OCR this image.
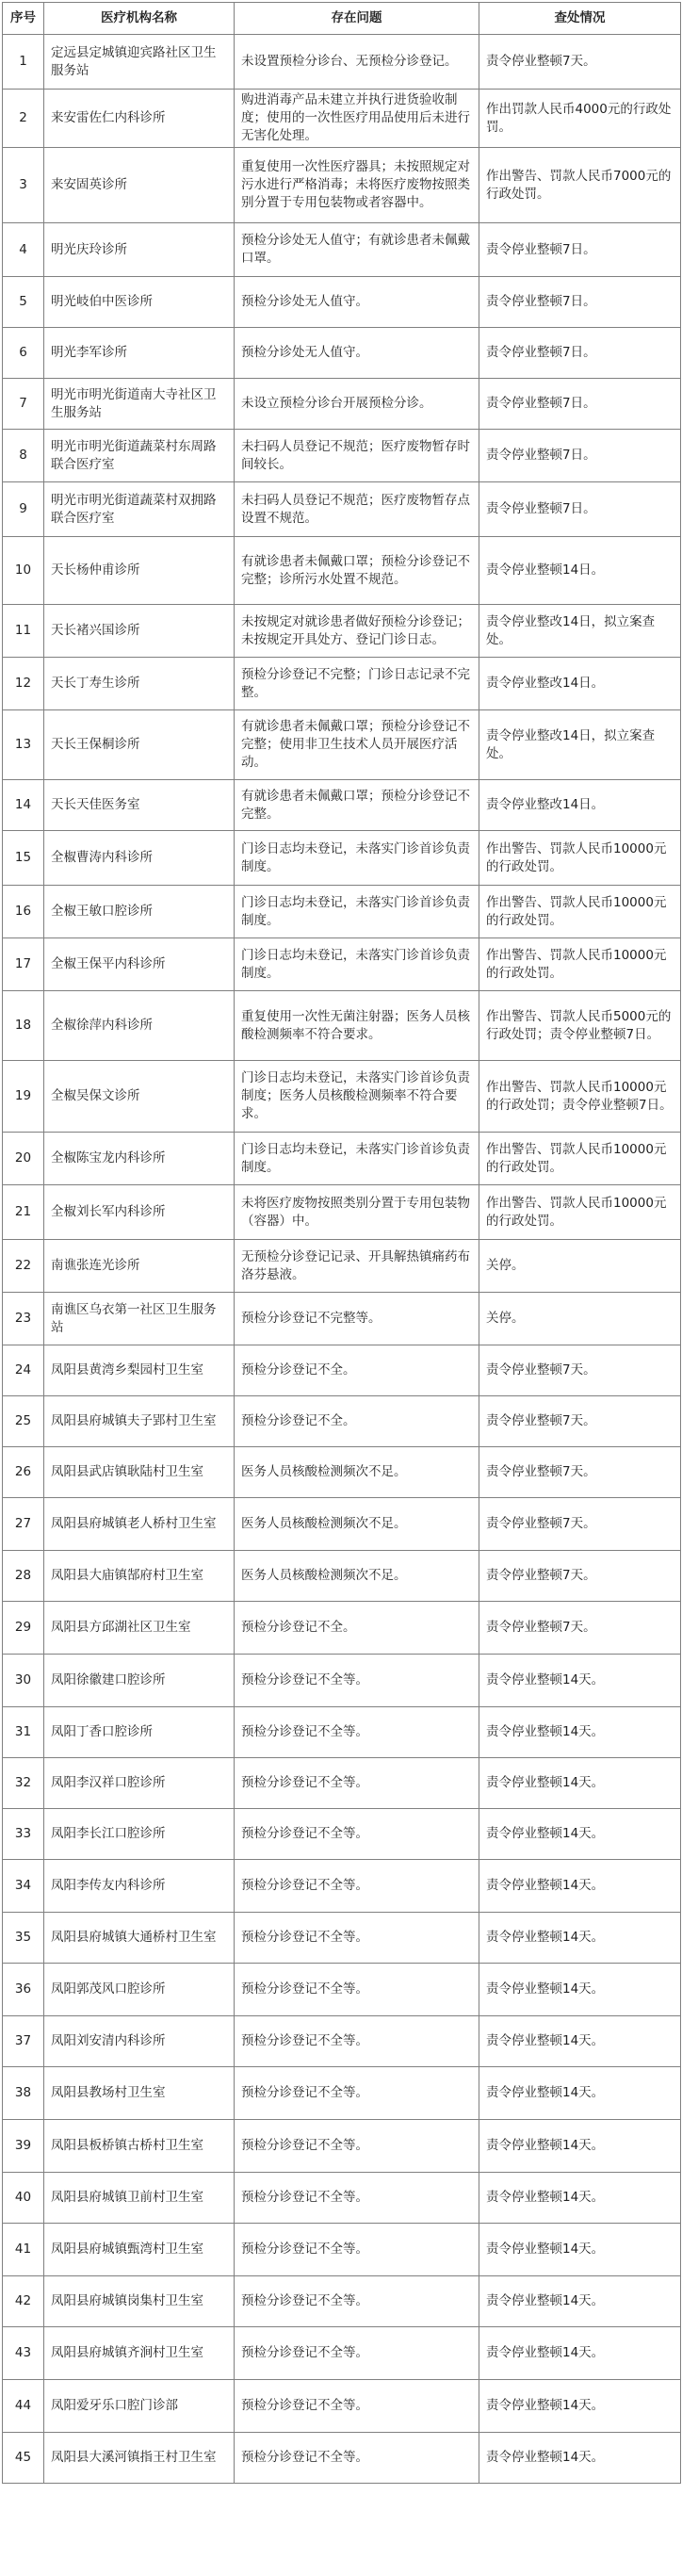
序号	医疗机构名称	存在问题	查处情况
1	定远县定城镇迎宾路社区卫生服务站	未设置预检分诊台、无预检分诊登记。	责令停业整顿7天。
2	来安雷佐仁内科诊所	购进消毒产品未建立并执行进货验收制度；使用的一次性医疗用品使用后未进行无害化处理。	作出罚款人民币4000元的行政处罚。
3	来安固英诊所	重复使用一次性医疗器具；未按照规定对污水进行严格消毒；未将医疗废物按照类别分置于专用包装物或者容器中。	作出警告、罚款人民币7000元的行政处罚。
4	明光庆玲诊所	预检分诊处无人值守；有就诊患者未佩戴口罩。	责令停业整顿7日。
5	明光岐伯中医诊所	预检分诊处无人值守。	责令停业整顿7日。
6	明光李军诊所	预检分诊处无人值守。	责令停业整顿7日。
7	明光市明光街道南大寺社区卫生服务站	未设立预检分诊台开展预检分诊。	责令停业整顿7日。
8	明光市明光街道蔬菜村东周路联合医疗室	未扫码人员登记不规范；医疗废物暂存时间较长。	责令停业整顿7日。
9	明光市明光街道蔬菜村双拥路联合医疗室	未扫码人员登记不规范；医疗废物暂存点设置不规范。	责令停业整顿7日。
10	天长杨仲甫诊所	有就诊患者未佩戴口罩；预检分诊登记不完整；诊所污水处置不规范。	责令停业整顿14日。
11	天长褚兴国诊所	未按规定对就诊患者做好预检分诊登记；未按规定开具处方、登记门诊日志。	责令停业整改14日，拟立案查处。
12	天长丁寿生诊所	预检分诊登记不完整；门诊日志记录不完整。	责令停业整改14日。
13	天长王保桐诊所	有就诊患者未佩戴口罩；预检分诊登记不完整；使用非卫生技术人员开展医疗活动。	责令停业整改14日，拟立案查处。
14	天长天佳医务室	有就诊患者未佩戴口罩；预检分诊登记不完整。	责令停业整改14日。
15	全椒曹涛内科诊所	门诊日志均未登记，未落实门诊首诊负责制度。	作出警告、罚款人民币10000元的行政处罚。
16	全椒王敏口腔诊所	门诊日志均未登记，未落实门诊首诊负责制度。	作出警告、罚款人民币10000元的行政处罚。
17	全椒王保平内科诊所	门诊日志均未登记，未落实门诊首诊负责制度。	作出警告、罚款人民币10000元的行政处罚。
18	全椒徐萍内科诊所	重复使用一次性无菌注射器；医务人员核酸检测频率不符合要求。	作出警告、罚款人民币5000元的行政处罚；责令停业整顿7日。
19	全椒吴保文诊所	门诊日志均未登记，未落实门诊首诊负责制度；医务人员核酸检测频率不符合要求。	作出警告、罚款人民币10000元的行政处罚；责令停业整顿7日。
20	全椒陈宝龙内科诊所	门诊日志均未登记，未落实门诊首诊负责制度。	作出警告、罚款人民币10000元的行政处罚。
21	全椒刘长军内科诊所	未将医疗废物按照类别分置于专用包装物（容器）中。	作出警告、罚款人民币10000元的行政处罚。
22	南谯张连光诊所	无预检分诊登记记录、开具解热镇痛药布洛芬悬液。	关停。
23	南谯区乌衣第一社区卫生服务站	预检分诊登记不完整等。	关停。
24	凤阳县黄湾乡梨园村卫生室	预检分诊登记不全。	责令停业整顿7天。
25	凤阳县府城镇夫子郢村卫生室	预检分诊登记不全。	责令停业整顿7天。
26	凤阳县武店镇耿陆村卫生室	医务人员核酸检测频次不足。	责令停业整顿7天。
27	凤阳县府城镇老人桥村卫生室	医务人员核酸检测频次不足。	责令停业整顿7天。
28	凤阳县大庙镇郜府村卫生室	医务人员核酸检测频次不足。	责令停业整顿7天。
29	凤阳县方邱湖社区卫生室	预检分诊登记不全。	责令停业整顿7天。
30	凤阳徐徽建口腔诊所	预检分诊登记不全等。	责令停业整顿14天。
31	凤阳丁香口腔诊所	预检分诊登记不全等。	责令停业整顿14天。
32	凤阳李汉祥口腔诊所	预检分诊登记不全等。	责令停业整顿14天。
33	凤阳李长江口腔诊所	预检分诊登记不全等。	责令停业整顿14天。
34	凤阳李传友内科诊所	预检分诊登记不全等。	责令停业整顿14天。
35	凤阳县府城镇大通桥村卫生室	预检分诊登记不全等。	责令停业整顿14天。
36	凤阳郭茂风口腔诊所	预检分诊登记不全等。	责令停业整顿14天。
37	凤阳刘安清内科诊所	预检分诊登记不全等。	责令停业整顿14天。
38	凤阳县教场村卫生室	预检分诊登记不全等。	责令停业整顿14天。
39	凤阳县板桥镇古桥村卫生室	预检分诊登记不全等。	责令停业整顿14天。
40	凤阳县府城镇卫前村卫生室	预检分诊登记不全等。	责令停业整顿14天。
41	凤阳县府城镇甄湾村卫生室	预检分诊登记不全等。	责令停业整顿14天。
42	凤阳县府城镇岗集村卫生室	预检分诊登记不全等。	责令停业整顿14天。
43	凤阳县府城镇齐涧村卫生室	预检分诊登记不全等。	责令停业整顿14天。
44	凤阳爱牙乐口腔门诊部	预检分诊登记不全等。	责令停业整顿14天。
45	凤阳县大溪河镇指王村卫生室	预检分诊登记不全等。	责令停业整顿14天。
